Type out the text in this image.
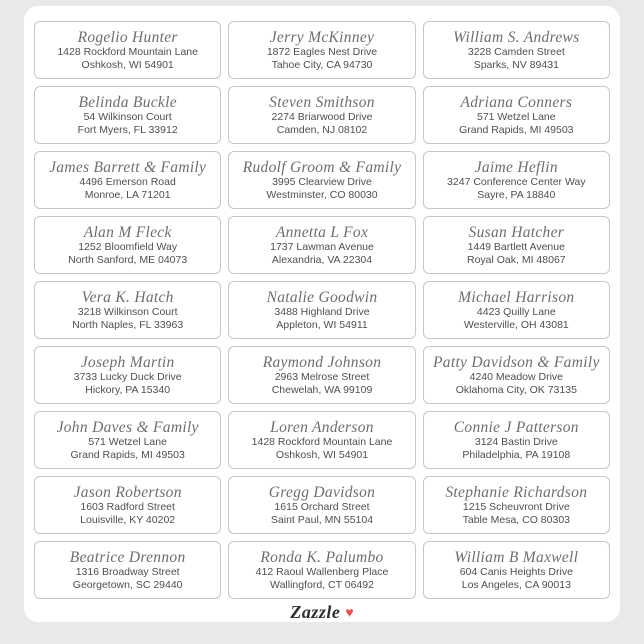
Rogelio Hunter
1428 Rockford Mountain Lane
Oshkosh, WI 54901
Jerry McKinney
1872 Eagles Nest Drive
Tahoe City, CA 94730
William S. Andrews
3228 Camden Street
Sparks, NV 89431
Belinda Buckle
54 Wilkinson Court
Fort Myers, FL 33912
Steven Smithson
2274 Briarwood Drive
Camden, NJ 08102
Adriana Conners
571 Wetzel Lane
Grand Rapids, MI 49503
James Barrett & Family
4496 Emerson Road
Monroe, LA 71201
Rudolf Groom & Family
3995 Clearview Drive
Westminster, CO 80030
Jaime Heflin
3247 Conference Center Way
Sayre, PA 18840
Alan M Fleck
1252 Bloomfield Way
North Sanford, ME 04073
Annetta L Fox
1737 Lawman Avenue
Alexandria, VA 22304
Susan Hatcher
1449 Bartlett Avenue
Royal Oak, MI 48067
Vera K. Hatch
3218 Wilkinson Court
North Naples, FL 33963
Natalie Goodwin
3488 Highland Drive
Appleton, WI 54911
Michael Harrison
4423 Quilly Lane
Westerville, OH 43081
Joseph Martin
3733 Lucky Duck Drive
Hickory, PA 15340
Raymond Johnson
2963 Melrose Street
Chewelah, WA 99109
Patty Davidson & Family
4240 Meadow Drive
Oklahoma City, OK 73135
John Daves & Family
571 Wetzel Lane
Grand Rapids, MI 49503
Loren Anderson
1428 Rockford Mountain Lane
Oshkosh, WI 54901
Connie J Patterson
3124 Bastin Drive
Philadelphia, PA 19108
Jason Robertson
1603 Radford Street
Louisville, KY 40202
Gregg Davidson
1615 Orchard Street
Saint Paul, MN 55104
Stephanie Richardson
1215 Scheuvront Drive
Table Mesa, CO 80303
Beatrice Drennon
1316 Broadway Street
Georgetown, SC 29440
Ronda K. Palumbo
412 Raoul Wallenberg Place
Wallingford, CT 06492
William B Maxwell
604 Canis Heights Drive
Los Angeles, CA 90013
Zazzle ♥
